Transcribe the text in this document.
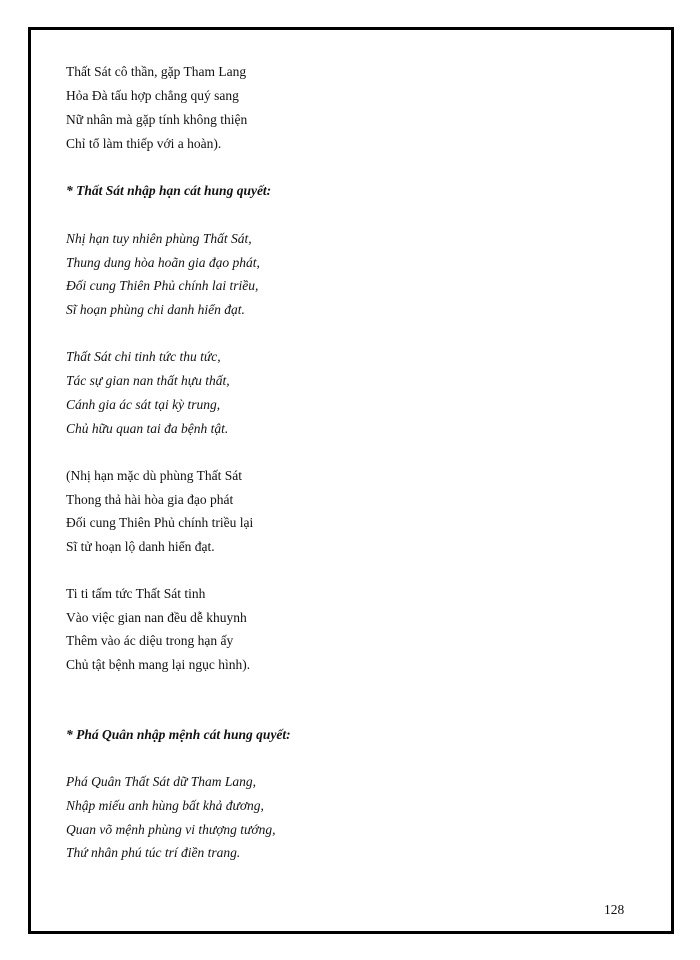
Thất Sát cô thần, gặp Tham Lang
Hỏa Đà tấu hợp chẳng quý sang
Nữ nhân mà gặp tính không thiện
Chỉ tổ làm thiếp với a hoàn).
* Thất Sát nhập hạn cát hung quyết:
Nhị hạn tuy nhiên phùng Thất Sát,
Thung dung hòa hoãn gia đạo phát,
Đối cung Thiên Phủ chính lai triều,
Sĩ hoạn phùng chi danh hiển đạt.
Thất Sát chi tinh tức thu tức,
Tác sự gian nan thất hựu thất,
Cánh gia ác sát tại kỳ trung,
Chủ hữu quan tai đa bệnh tật.
(Nhị hạn mặc dù phùng Thất Sát
Thong thả hài hòa gia đạo phát
Đối cung Thiên Phủ chính triều lại
Sĩ tử hoạn lộ danh hiển đạt.
Ti ti tấm tức Thất Sát tinh
Vào việc gian nan đều dễ khuynh
Thêm vào ác diệu trong hạn ấy
Chủ tật bệnh mang lại ngục hình).
* Phá Quân nhập mệnh cát hung quyết:
Phá Quân Thất Sát dữ Tham Lang,
Nhập miếu anh hùng bất khả đương,
Quan võ mệnh phùng vi thượng tướng,
Thứ nhân phú túc trí điền trang.
128
